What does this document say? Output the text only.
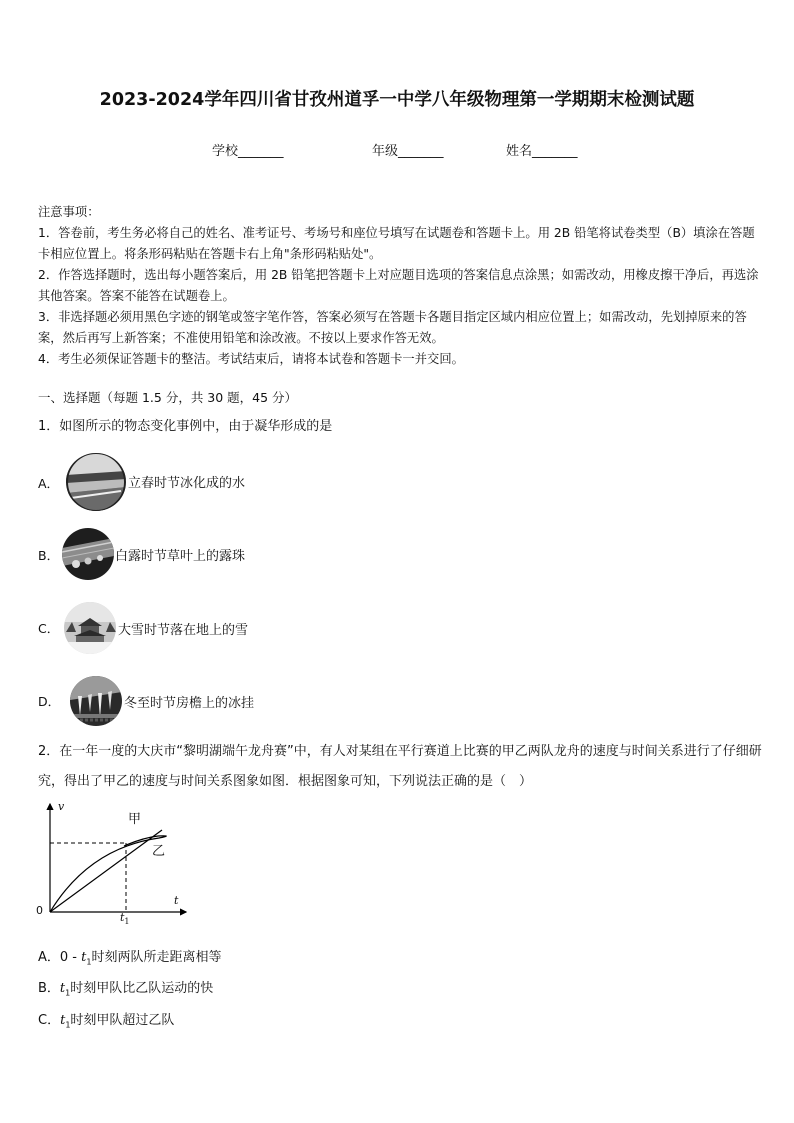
2023-2024学年四川省甘孜州道孚一中学八年级物理第一学期期末检测试题
学校_______	年级_______	姓名_______

注意事项：

1．答卷前，考生务必将自己的姓名、准考证号、考场号和座位号填写在试题卷和答题卡上。用 2B 铅笔将试卷类型（B）填涂在答题卡相应位置上。将条形码粘贴在答题卡右上角"条形码粘贴处"。

2．作答选择题时，选出每小题答案后，用 2B 铅笔把答题卡上对应题目选项的答案信息点涂黑；如需改动，用橡皮擦干净后，再选涂其他答案。答案不能答在试题卷上。

3．非选择题必须用黑色字迹的钢笔或签字笔作答，答案必须写在答题卡各题目指定区域内相应位置上；如需改动，先划掉原来的答案，然后再写上新答案；不准使用铅笔和涂改液。不按以上要求作答无效。

4．考生必须保证答题卡的整洁。考试结束后，请将本试卷和答题卡一并交回。

一、选择题（每题 1.5 分，共 30 题，45 分）
1．如图所示的物态变化事例中，由于凝华形成的是
A．	立春时节冰化成的水
B．	白露时节草叶上的露珠
C．	大雪时节落在地上的雪
D．	冬至时节房檐上的冰挂
2．在一年一度的大庆市“黎明湖端午龙舟赛”中，有人对某组在平行赛道上比赛的甲乙两队龙舟的速度与时间关系进行了仔细研究，得出了甲乙的速度与时间关系图象如图．根据图象可知，下列说法正确的是（　）
v
t
0
甲
乙
$t_1$
A．$0 - t_1$时刻两队所走距离相等
B．$t_1$时刻甲队比乙队运动的快
C．$t_1$时刻甲队超过乙队
